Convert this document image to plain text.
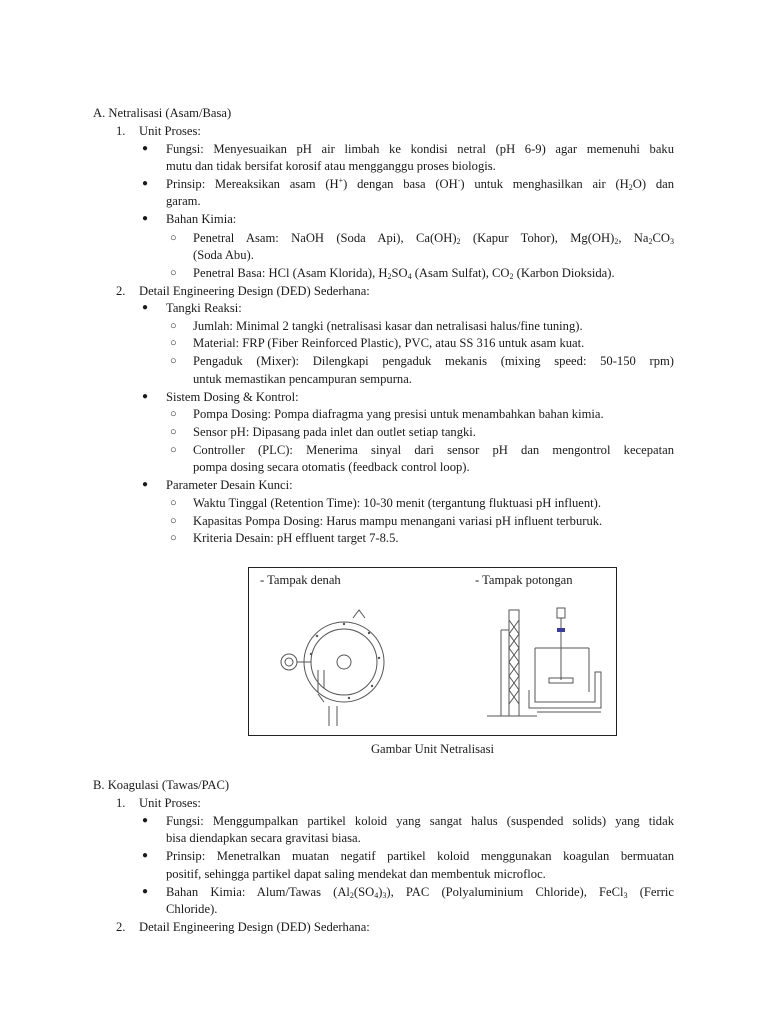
A. Netralisasi (Asam/Basa)
1. Unit Proses:
● Fungsi: Menyesuaikan pH air limbah ke kondisi netral (pH 6-9) agar memenuhi baku
mutu dan tidak bersifat korosif atau mengganggu proses biologis.
● Prinsip: Mereaksikan asam (H+) dengan basa (OH-) untuk menghasilkan air $(H_2O)$ dan
garam.
● Bahan Kimia:
○ Penetral Asam: NaOH (Soda Api), $Ca(OH)_2$ (Kapur Tohor), $Mg(OH)_2$, $Na_2CO_3$
(Soda Abu).
○ Penetral Basa: HCl (Asam Klorida), $H_2SO_4$ (Asam Sulfat), $CO_2$ (Karbon Dioksida).
2. Detail Engineering Design (DED) Sederhana:
● Tangki Reaksi:
○ Jumlah: Minimal 2 tangki (netralisasi kasar dan netralisasi halus/fine tuning).
○ Material: FRP (Fiber Reinforced Plastic), PVC, atau SS 316 untuk asam kuat.
○ Pengaduk (Mixer): Dilengkapi pengaduk mekanis (mixing speed: 50-150 rpm)
untuk memastikan pencampuran sempurna.
● Sistem Dosing & Kontrol:
○ Pompa Dosing: Pompa diafragma yang presisi untuk menambahkan bahan kimia.
○ Sensor pH: Dipasang pada inlet dan outlet setiap tangki.
○ Controller (PLC): Menerima sinyal dari sensor pH dan mengontrol kecepatan
pompa dosing secara otomatis (feedback control loop).
● Parameter Desain Kunci:
○ Waktu Tinggal (Retention Time): 10-30 menit (tergantung fluktuasi pH influent).
○ Kapasitas Pompa Dosing: Harus mampu menangani variasi pH influent terburuk.
○ Kriteria Desain: pH effluent target 7-8.5.
- Tampak denah	- Tampak potongan
Gambar Unit Netralisasi
B. Koagulasi (Tawas/PAC)
1. Unit Proses:
● Fungsi: Menggumpalkan partikel koloid yang sangat halus (suspended solids) yang tidak
bisa diendapkan secara gravitasi biasa.
● Prinsip: Menetralkan muatan negatif partikel koloid menggunakan koagulan bermuatan
positif, sehingga partikel dapat saling mendekat dan membentuk microfloc.
● Bahan Kimia: Alum/Tawas $(Al_2(SO_4)_3)$, PAC (Polyaluminium Chloride), FeCl$_3$ (Ferric
Chloride).
2. Detail Engineering Design (DED) Sederhana:
